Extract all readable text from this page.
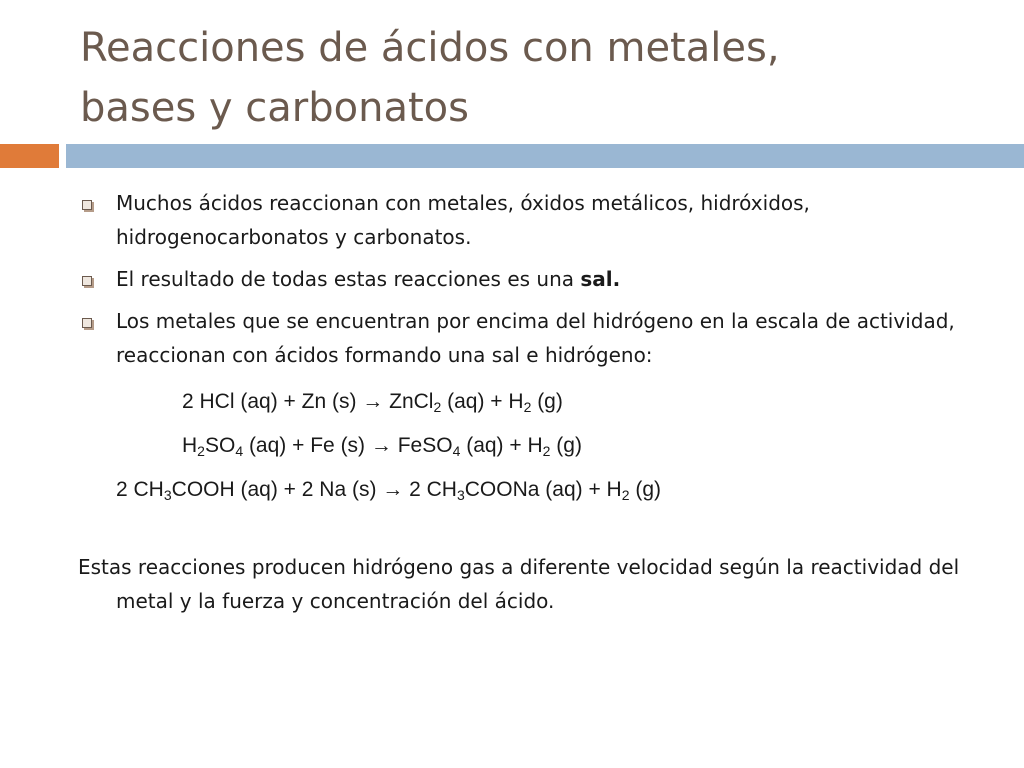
Reacciones de ácidos con metales,
bases y carbonatos

Muchos ácidos reaccionan con metales, óxidos metálicos, hidróxidos, hidrogenocarbonatos y carbonatos.

El resultado de todas estas reacciones es una sal.

Los metales que se encuentran por encima del hidrógeno en la escala de actividad, reaccionan con ácidos formando una sal e hidrógeno:

2 HCl (aq) + Zn (s) → ZnCl$_2$ $(aq) + H_2$ (g)

$H_2SO_4$ (aq) + Fe (s) → FeSO$_4$ $(aq) + H_2$ (g)

2 $CH_3COOH$ (aq) + 2 Na (s) → 2 $CH_3COONa$ $(aq) + H_2$ (g)

Estas reacciones producen hidrógeno gas a diferente velocidad según la reactividad del metal y la fuerza y concentración del ácido.
